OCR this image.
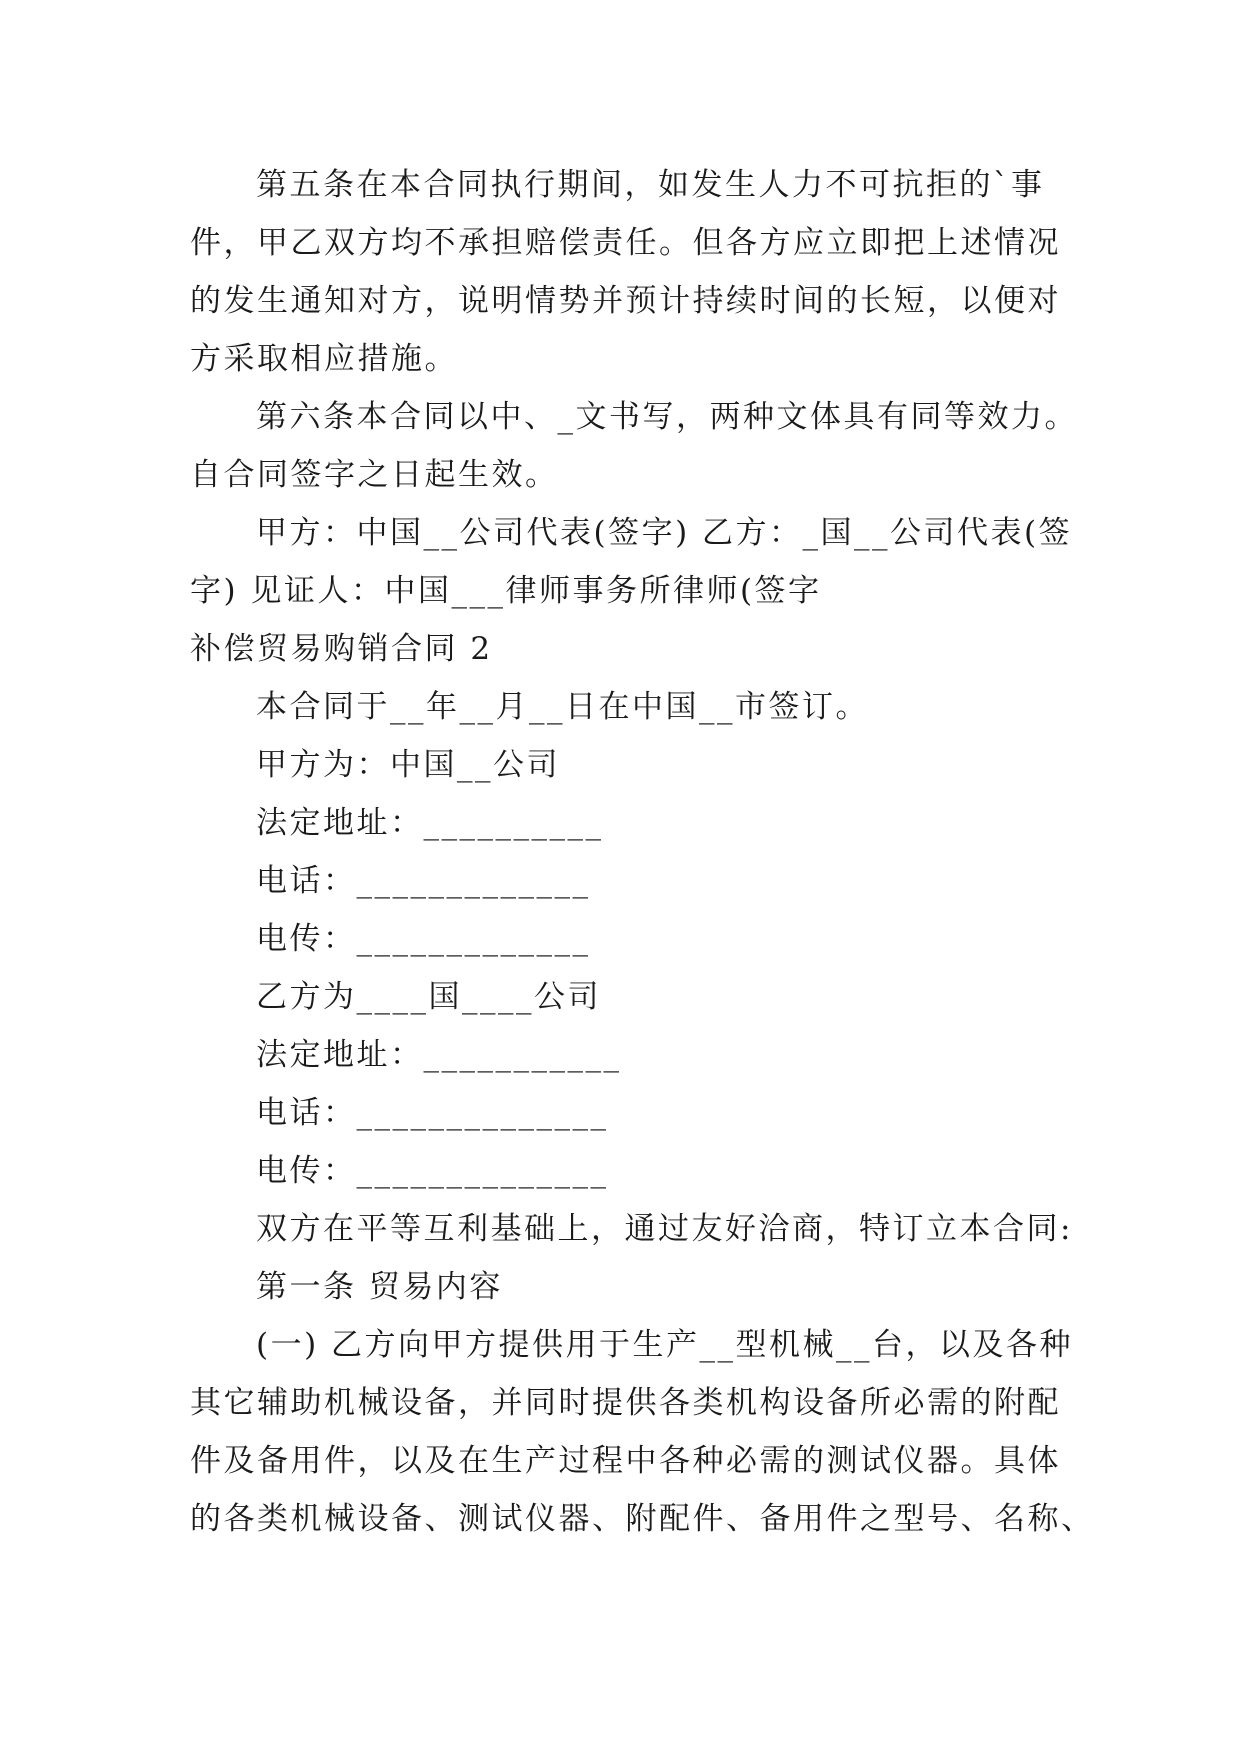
第五条在本合同执行期间，如发生人力不可抗拒的`事
件，甲乙双方均不承担赔偿责任。但各方应立即把上述情况
的发生通知对方，说明情势并预计持续时间的长短，以便对
方采取相应措施。
第六条本合同以中、_文书写，两种文体具有同等效力。
自合同签字之日起生效。
甲方：中国__公司代表(签字) 乙方：_国__公司代表(签
字) 见证人：中国___律师事务所律师(签字
补偿贸易购销合同 2
本合同于__年__月__日在中国__市签订。
甲方为：中国__公司
法定地址：__________
电话：_____________
电传：_____________
乙方为____国____公司
法定地址：___________
电话：______________
电传：______________
双方在平等互利基础上，通过友好洽商，特订立本合同:
第一条 贸易内容
(一) 乙方向甲方提供用于生产__型机械__台，以及各种
其它辅助机械设备，并同时提供各类机构设备所必需的附配
件及备用件，以及在生产过程中各种必需的测试仪器。具体
的各类机械设备、测试仪器、附配件、备用件之型号、名称、
